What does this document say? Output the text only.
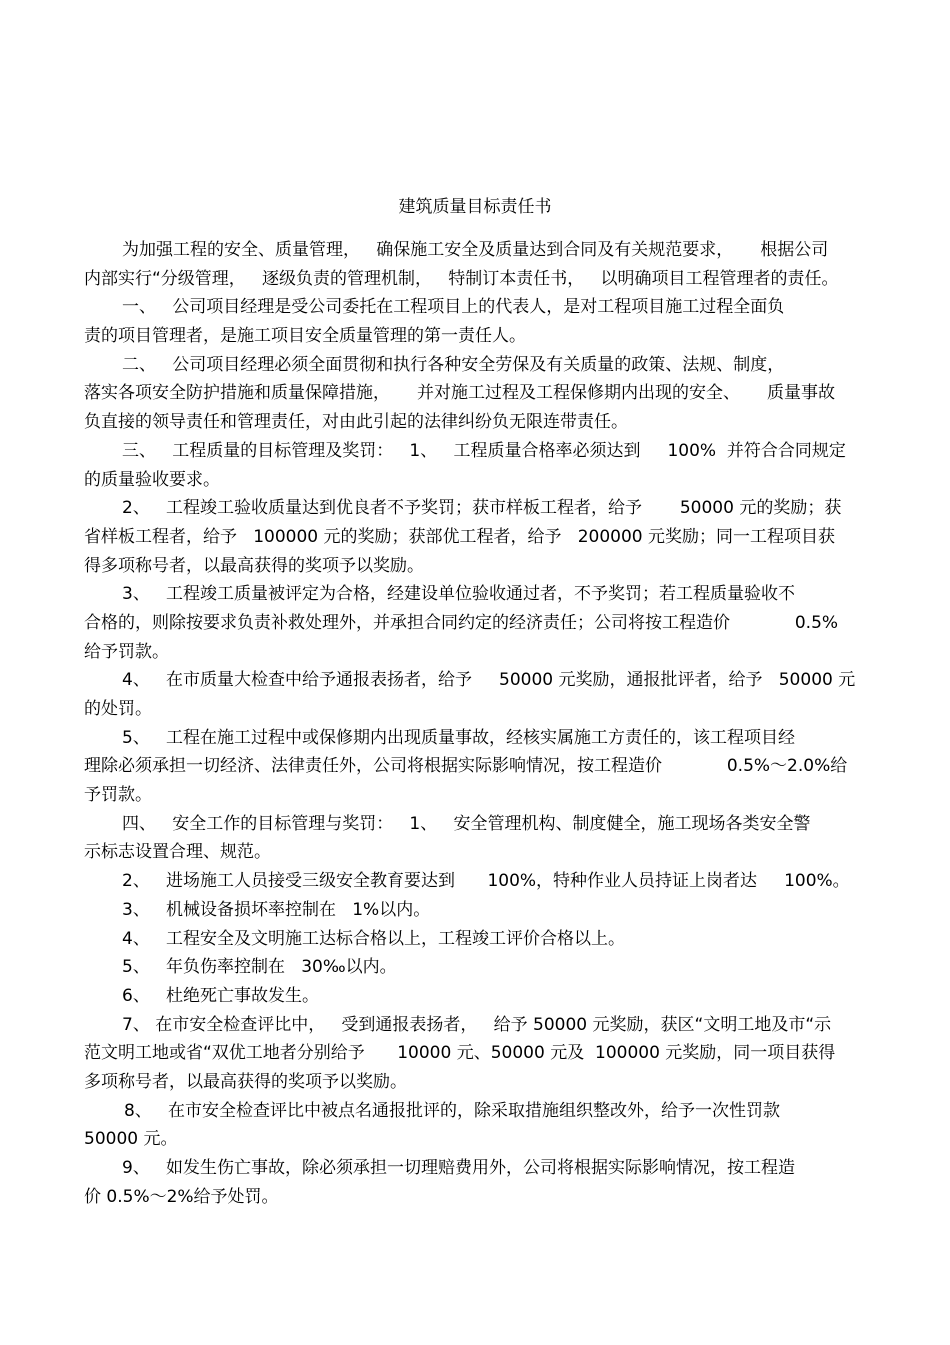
建筑质量目标责任书
为加强工程的安全、质量管理，   确保施工安全及质量达到合同及有关规范要求，     根据公司
内部实行“分级管理，   逐级负责的管理机制，   特制订本责任书，   以明确项目工程管理者的责任。
一、   公司项目经理是受公司委托在工程项目上的代表人，是对工程项目施工过程全面负
责的项目管理者，是施工项目安全质量管理的第一责任人。
二、   公司项目经理必须全面贯彻和执行各种安全劳保及有关质量的政策、法规、制度，
落实各项安全防护措施和质量保障措施，     并对施工过程及工程保修期内出现的安全、     质量事故
负直接的领导责任和管理责任，对由此引起的法律纠纷负无限连带责任。
三、   工程质量的目标管理及奖罚：   1、   工程质量合格率必须达到     100%  并符合合同规定
的质量验收要求。
2、   工程竣工验收质量达到优良者不予奖罚；获市样板工程者，给予       50000 元的奖励；获
省样板工程者，给予   100000 元的奖励；获部优工程者，给予   200000 元奖励；同一工程项目获
得多项称号者，以最高获得的奖项予以奖励。
3、   工程竣工质量被评定为合格，经建设单位验收通过者，不予奖罚；若工程质量验收不
合格的，则除按要求负责补救处理外，并承担合同约定的经济责任；公司将按工程造价            0.5%
给予罚款。
4、   在市质量大检查中给予通报表扬者，给予     50000 元奖励，通报批评者，给予   50000 元
的处罚。
5、   工程在施工过程中或保修期内出现质量事故，经核实属施工方责任的，该工程项目经
理除必须承担一切经济、法律责任外，公司将根据实际影响情况，按工程造价            0.5%～2.0%给
予罚款。
四、   安全工作的目标管理与奖罚：   1、   安全管理机构、制度健全，施工现场各类安全警
示标志设置合理、规范。
2、   进场施工人员接受三级安全教育要达到      100%，特种作业人员持证上岗者达     100%。
3、   机械设备损坏率控制在   1%以内。
4、   工程安全及文明施工达标合格以上，工程竣工评价合格以上。
5、   年负伤率控制在   30‰以内。
6、   杜绝死亡事故发生。
7、 在市安全检查评比中，   受到通报表扬者，   给予 50000 元奖励，获区“文明工地及市“示
范文明工地或省“双优工地者分别给予      10000 元、50000 元及  100000 元奖励，同一项目获得
多项称号者，以最高获得的奖项予以奖励。
8、   在市安全检查评比中被点名通报批评的，除采取措施组织整改外，给予一次性罚款
50000 元。
9、   如发生伤亡事故，除必须承担一切理赔费用外，公司将根据实际影响情况，按工程造
价 0.5%～2%给予处罚。
